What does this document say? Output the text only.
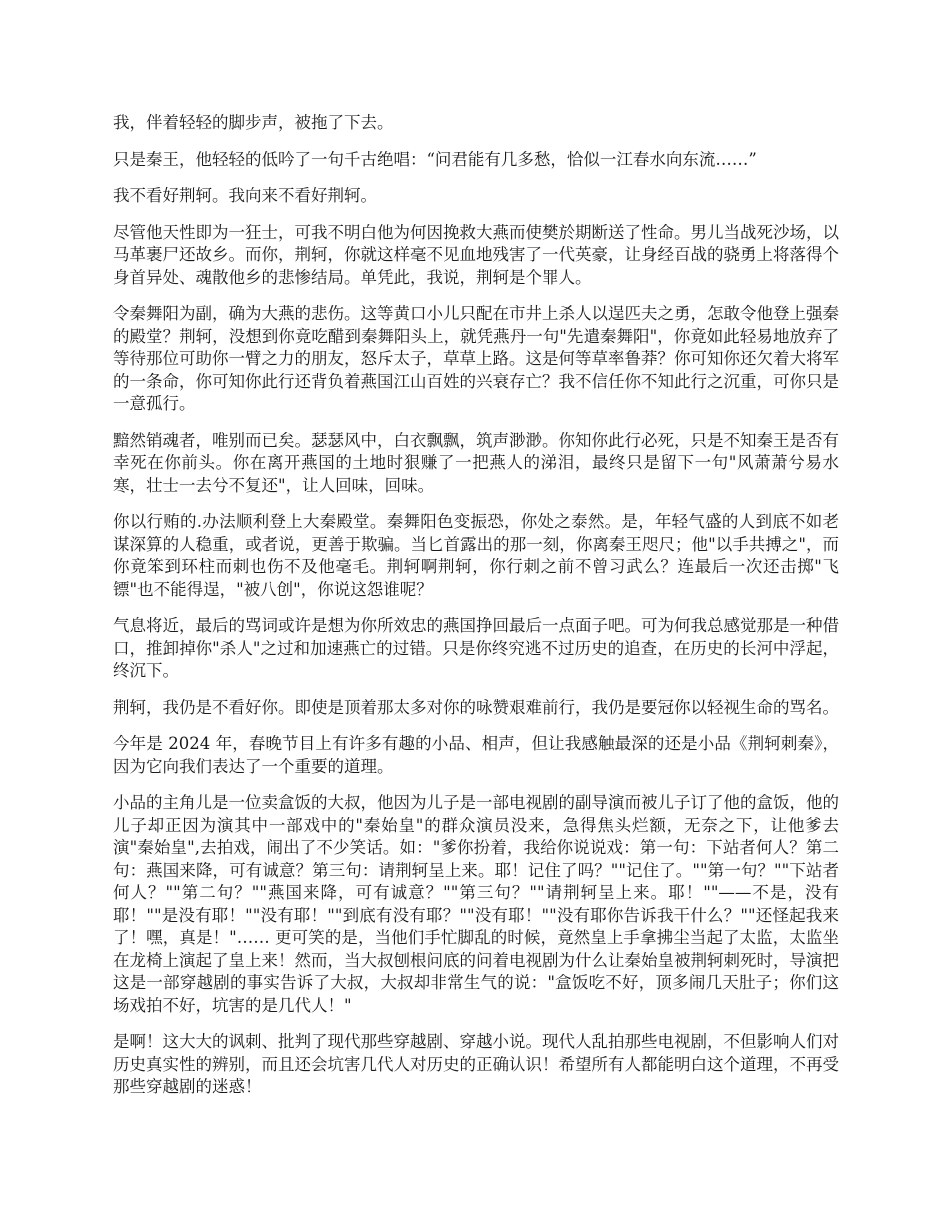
我，伴着轻轻的脚步声，被拖了下去。

只是秦王，他轻轻的低吟了一句千古绝唱：“问君能有几多愁，恰似一江春水向东流……”

我不看好荆轲。我向来不看好荆轲。

尽管他天性即为一狂士，可我不明白他为何因挽救大燕而使樊於期断送了性命。男儿当战死沙场，以马革裹尸还故乡。而你，荆轲，你就这样毫不见血地残害了一代英豪，让身经百战的骁勇上将落得个身首异处、魂散他乡的悲惨结局。单凭此，我说，荆轲是个罪人。

令秦舞阳为副，确为大燕的悲伤。这等黄口小儿只配在市井上杀人以逞匹夫之勇，怎敢令他登上强秦的殿堂？荆轲，没想到你竟吃醋到秦舞阳头上，就凭燕丹一句"先遣秦舞阳"，你竟如此轻易地放弃了等待那位可助你一臂之力的朋友，怒斥太子，草草上路。这是何等草率鲁莽？你可知你还欠着大将军的一条命，你可知你此行还背负着燕国江山百姓的兴衰存亡？我不信任你不知此行之沉重，可你只是一意孤行。

黯然销魂者，唯别而已矣。瑟瑟风中，白衣飘飘，筑声渺渺。你知你此行必死，只是不知秦王是否有幸死在你前头。你在离开燕国的土地时狠赚了一把燕人的涕泪，最终只是留下一句"风萧萧兮易水寒，壮士一去兮不复还"，让人回味，回味。

你以行贿的.办法顺利登上大秦殿堂。秦舞阳色变振恐，你处之泰然。是，年轻气盛的人到底不如老谋深算的人稳重，或者说，更善于欺骗。当匕首露出的那一刻，你离秦王咫尺；他"以手共搏之"，而你竟笨到环柱而刺也伤不及他毫毛。荆轲啊荆轲，你行刺之前不曾习武么？连最后一次还击掷"飞镖"也不能得逞，"被八创"，你说这怨谁呢？

气息将近，最后的骂词或许是想为你所效忠的燕国挣回最后一点面子吧。可为何我总感觉那是一种借口，推卸掉你"杀人"之过和加速燕亡的过错。只是你终究逃不过历史的追查，在历史的长河中浮起，终沉下。

荆轲，我仍是不看好你。即使是顶着那太多对你的咏赞艰难前行，我仍是要冠你以轻视生命的骂名。

今年是 2024 年，春晚节目上有许多有趣的小品、相声，但让我感触最深的还是小品《荆轲刺秦》，因为它向我们表达了一个重要的道理。

小品的主角儿是一位卖盒饭的大叔，他因为儿子是一部电视剧的副导演而被儿子订了他的盒饭，他的儿子却正因为演其中一部戏中的"秦始皇"的群众演员没来，急得焦头烂额，无奈之下，让他爹去演"秦始皇",去拍戏，闹出了不少笑话。如："爹你扮着，我给你说说戏：第一句：下站者何人？第二句：燕国来降，可有诚意？第三句：请荆轲呈上来。耶！记住了吗？""记住了。""第一句？""下站者何人？""第二句？""燕国来降，可有诚意？""第三句？""请荆轲呈上来。耶！""——不是，没有耶！""是没有耶！""没有耶！""到底有没有耶？""没有耶！""没有耶你告诉我干什么？""还怪起我来了！嘿，真是！"…… 更可笑的是，当他们手忙脚乱的时候，竟然皇上手拿拂尘当起了太监，太监坐在龙椅上演起了皇上来！然而，当大叔刨根问底的问着电视剧为什么让秦始皇被荆轲刺死时，导演把这是一部穿越剧的事实告诉了大叔，大叔却非常生气的说："盒饭吃不好，顶多闹几天肚子；你们这场戏拍不好，坑害的是几代人！"

是啊！这大大的讽刺、批判了现代那些穿越剧、穿越小说。现代人乱拍那些电视剧，不但影响人们对历史真实性的辨别，而且还会坑害几代人对历史的正确认识！希望所有人都能明白这个道理，不再受那些穿越剧的迷惑！
